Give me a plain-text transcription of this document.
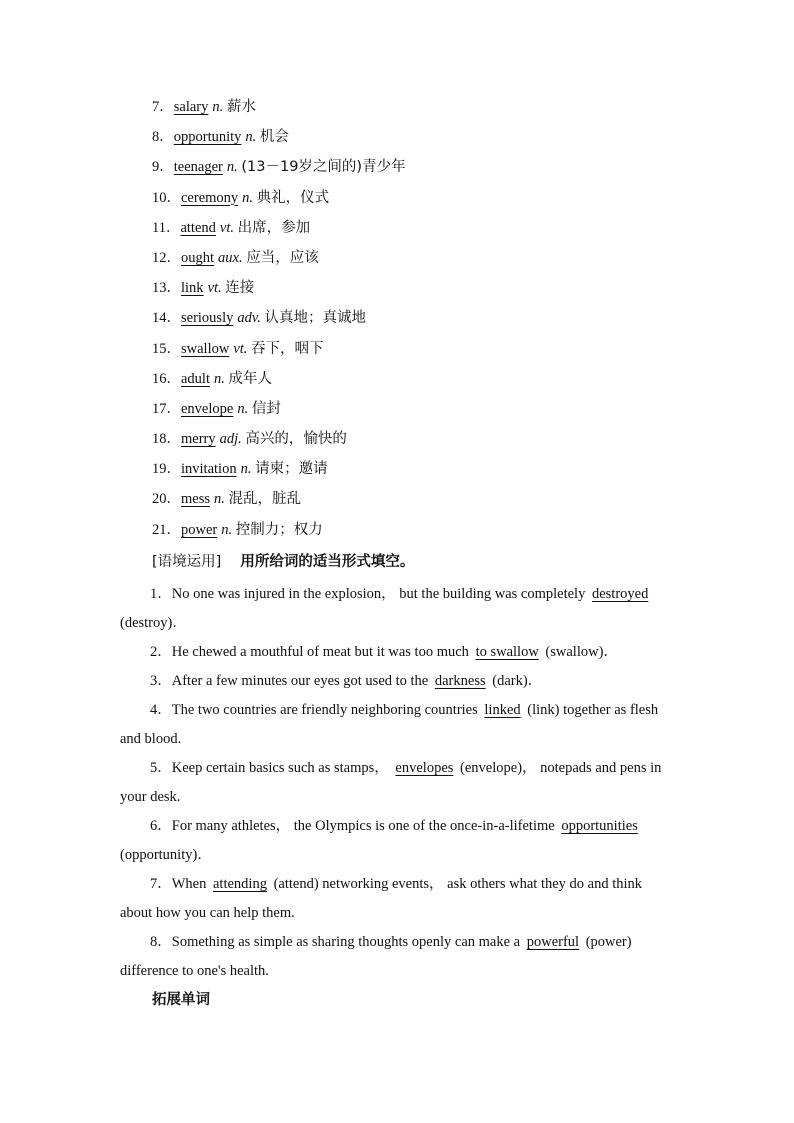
7．salary n. 薪水
8．opportunity n. 机会
9．teenager n. (13－19岁之间的)青少年
10．ceremony n. 典礼，仪式
11．attend vt. 出席，参加
12．ought aux. 应当，应该
13．link vt. 连接
14．seriously adv. 认真地；真诚地
15．swallow vt. 吞下，咽下
16．adult n. 成年人
17．envelope n. 信封
18．merry adj. 高兴的，愉快的
19．invitation n. 请柬；邀请
20．mess n. 混乱，脏乱
21．power n. 控制力；权力
[语境运用] 用所给词的适当形式填空。

1．No one was injured in the explosion， but the building was completely destroyed (destroy)．

2．He chewed a mouthful of meat but it was too much to swallow (swallow)．

3．After a few minutes our eyes got used to the darkness (dark)．

4．The two countries are friendly neighboring countries linked (link) together as flesh and blood.

5．Keep certain basics such as stamps， envelopes (envelope)， notepads and pens in your desk.

6．For many athletes， the Olympics is one of the once-in-a-lifetime opportunities (opportunity)．

7．When attending (attend) networking events， ask others what they do and think about how you can help them.

8．Something as simple as sharing thoughts openly can make a powerful (power) difference to one's health.

拓展单词
